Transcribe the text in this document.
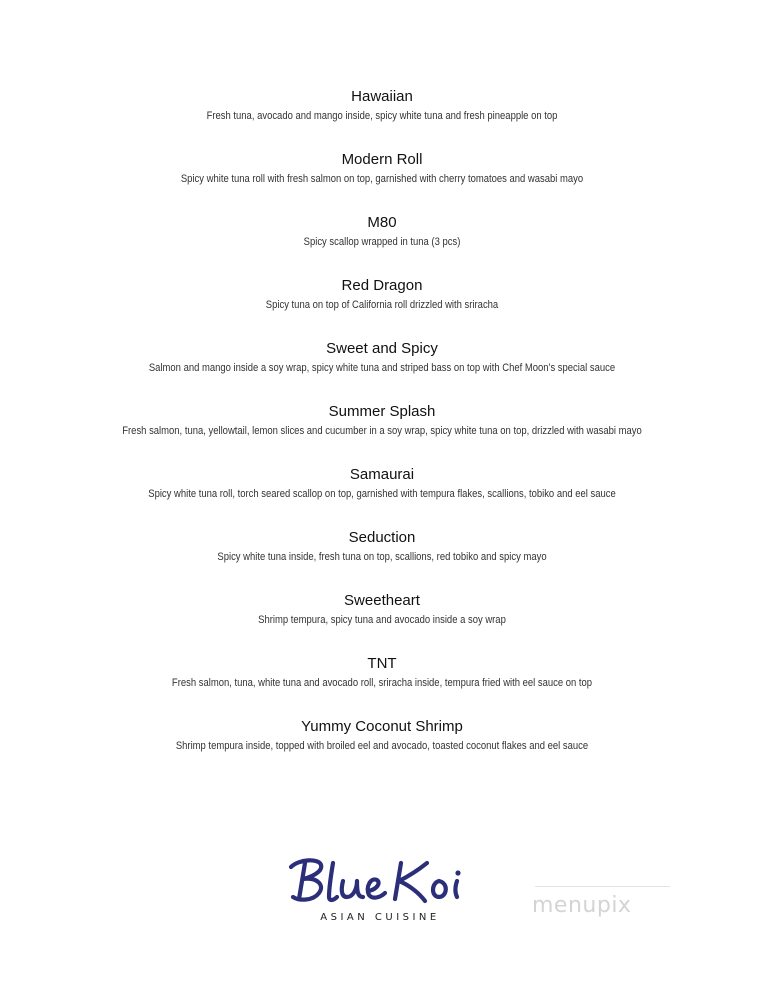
Hawaiian
Fresh tuna, avocado and mango inside, spicy white tuna and fresh pineapple on top
Modern Roll
Spicy white tuna roll with fresh salmon on top, garnished with cherry tomatoes and wasabi mayo
M80
Spicy scallop wrapped in tuna (3 pcs)
Red Dragon
Spicy tuna on top of California roll drizzled with sriracha
Sweet and Spicy
Salmon and mango inside a soy wrap, spicy white tuna and striped bass on top with Chef Moon’s special sauce
Summer Splash
Fresh salmon, tuna, yellowtail, lemon slices and cucumber in a soy wrap, spicy white tuna on top, drizzled with wasabi mayo
Samaurai
Spicy white tuna roll, torch seared scallop on top, garnished with tempura flakes, scallions, tobiko and eel sauce
Seduction
Spicy white tuna inside, fresh tuna on top, scallions, red tobiko and spicy mayo
Sweetheart
Shrimp tempura, spicy tuna and avocado inside a soy wrap
TNT
Fresh salmon, tuna, white tuna and avocado roll, sriracha inside, tempura fried with eel sauce on top
Yummy Coconut Shrimp
Shrimp tempura inside, topped with broiled eel and avocado, toasted coconut flakes and eel sauce
ASIAN CUISINE	menupix
